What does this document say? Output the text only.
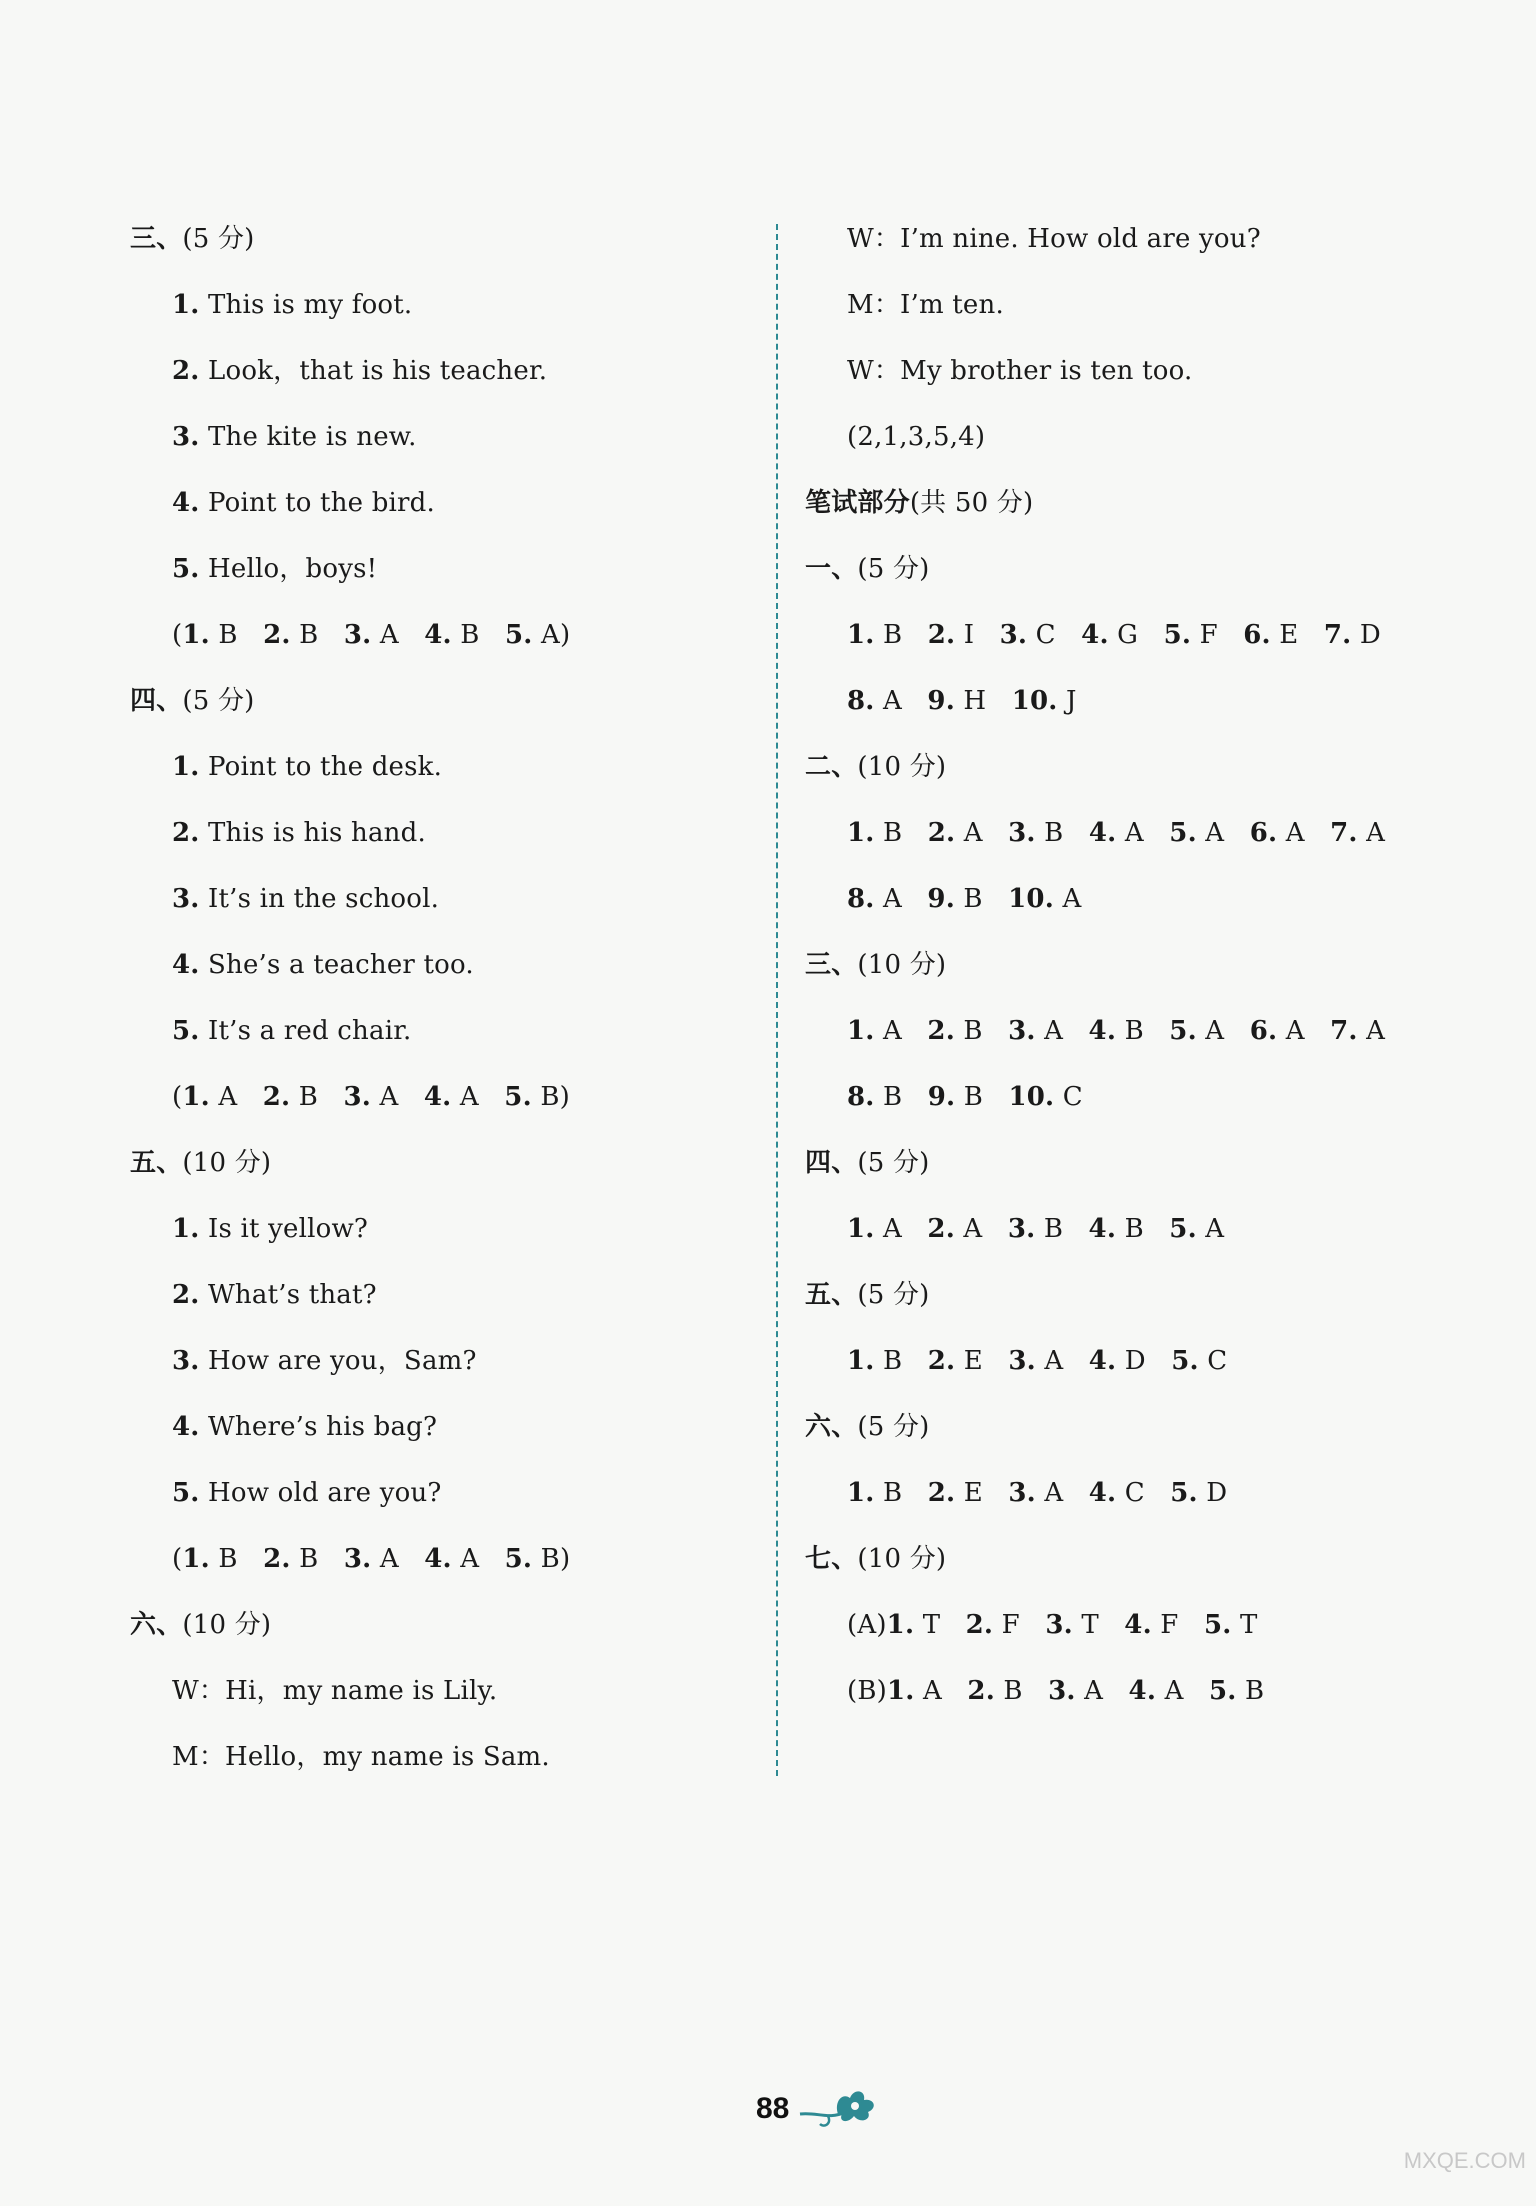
三、(5 分)
1. This is my foot.
2. Look，that is his teacher.
3. The kite is new.
4. Point to the bird.
5. Hello，boys!
(1. B 2. B 3. A 4. B 5. A)
四、(5 分)
1. Point to the desk.
2. This is his hand.
3. It’s in the school.
4. She’s a teacher too.
5. It’s a red chair.
(1. A 2. B 3. A 4. A 5. B)
五、(10 分)
1. Is it yellow?
2. What’s that?
3. How are you，Sam?
4. Where’s his bag?
5. How old are you?
(1. B 2. B 3. A 4. A 5. B)
六、(10 分)
W：Hi，my name is Lily.
M：Hello，my name is Sam.
W：I’m nine. How old are you?
M：I’m ten.
W：My brother is ten too.
(2,1,3,5,4)
笔试部分(共 50 分)
一、(5 分)
1. B 2. I 3. C 4. G 5. F 6. E 7. D
8. A 9. H 10. J
二、(10 分)
1. B 2. A 3. B 4. A 5. A 6. A 7. A
8. A 9. B 10. A
三、(10 分)
1. A 2. B 3. A 4. B 5. A 6. A 7. A
8. B 9. B 10. C
四、(5 分)
1. A 2. A 3. B 4. B 5. A
五、(5 分)
1. B 2. E 3. A 4. D 5. C
六、(5 分)
1. B 2. E 3. A 4. C 5. D
七、(10 分)
(A)1. T 2. F 3. T 4. F 5. T
(B)1. A 2. B 3. A 4. A 5. B
88
MXQE.COM
